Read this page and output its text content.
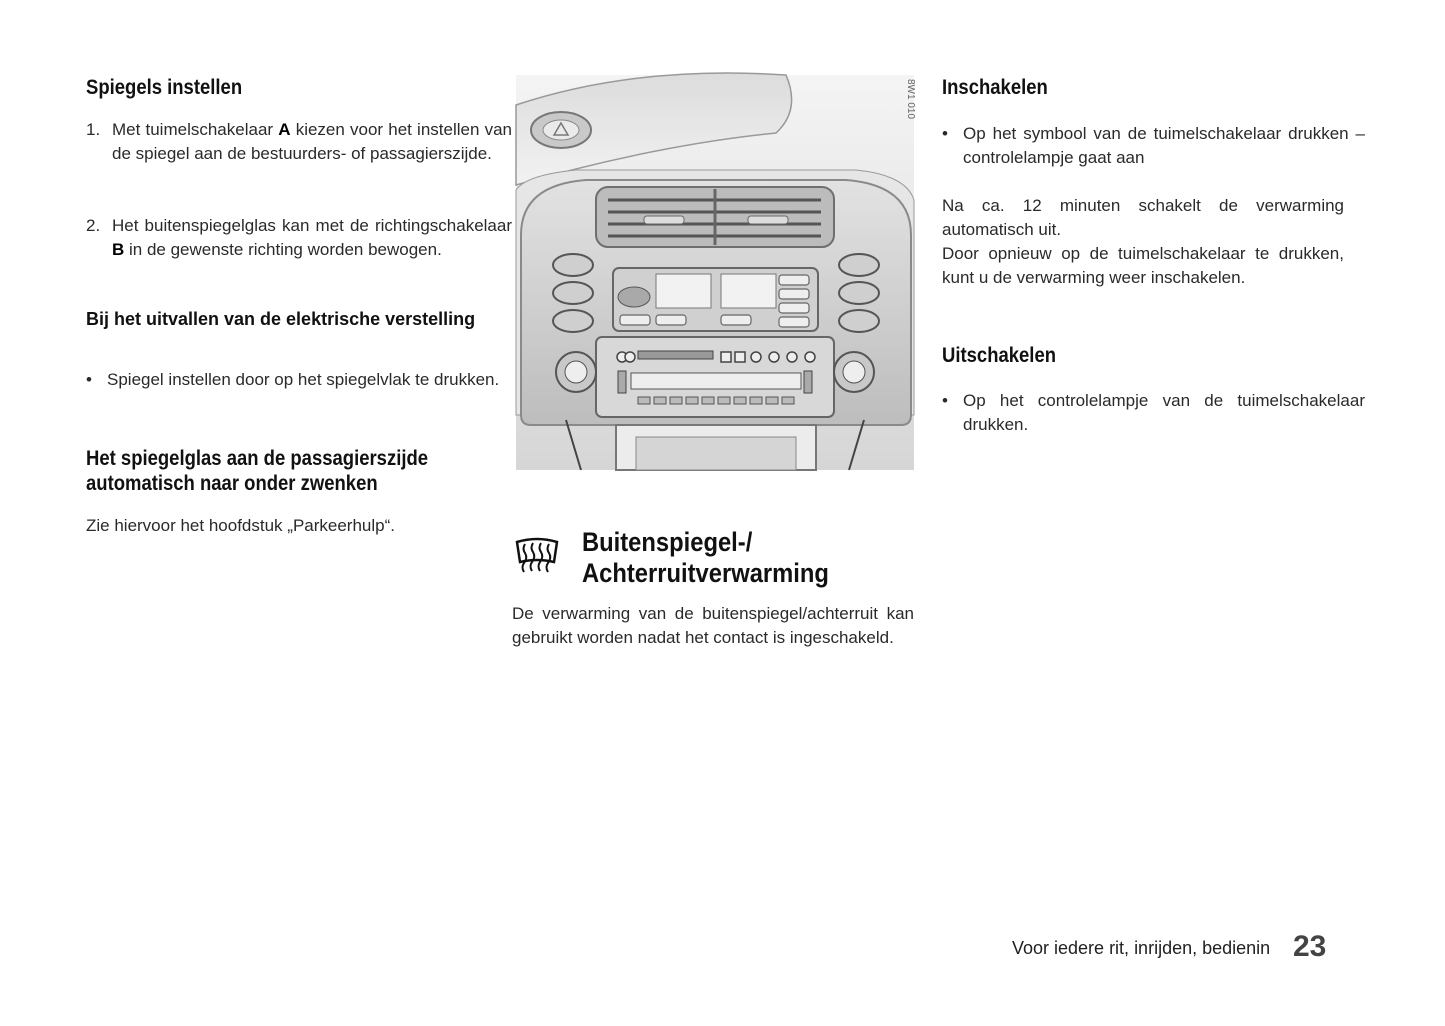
Spiegels instellen
1. Met tuimelschakelaar A kiezen voor het instellen van de spiegel aan de bestuurders- of passagierszijde.
2. Het buitenspiegelglas kan met de richtingschakelaar B in de gewenste richting worden bewogen.
Bij het uitvallen van de elektrische verstelling
• Spiegel instellen door op het spiegelvlak te drukken.
Het spiegelglas aan de passagierszijde automatisch naar onder zwenken
Zie hiervoor het hoofdstuk „Parkeerhulp“.
8W1 010
Buitenspiegel-/
Achterruitverwarming
De verwarming van de buitenspiegel/achterruit kan gebruikt worden nadat het contact is ingeschakeld.
Inschakelen
• Op het symbool van de tuimelschakelaar drukken – controlelampje gaat aan
Na ca. 12 minuten schakelt de verwarming automatisch uit.
Door opnieuw op de tuimelschakelaar te drukken, kunt u de verwarming weer inschakelen.
Uitschakelen
• Op het controlelampje van de tuimelschakelaar drukken.
Voor iedere rit, inrijden, bedienin 23
